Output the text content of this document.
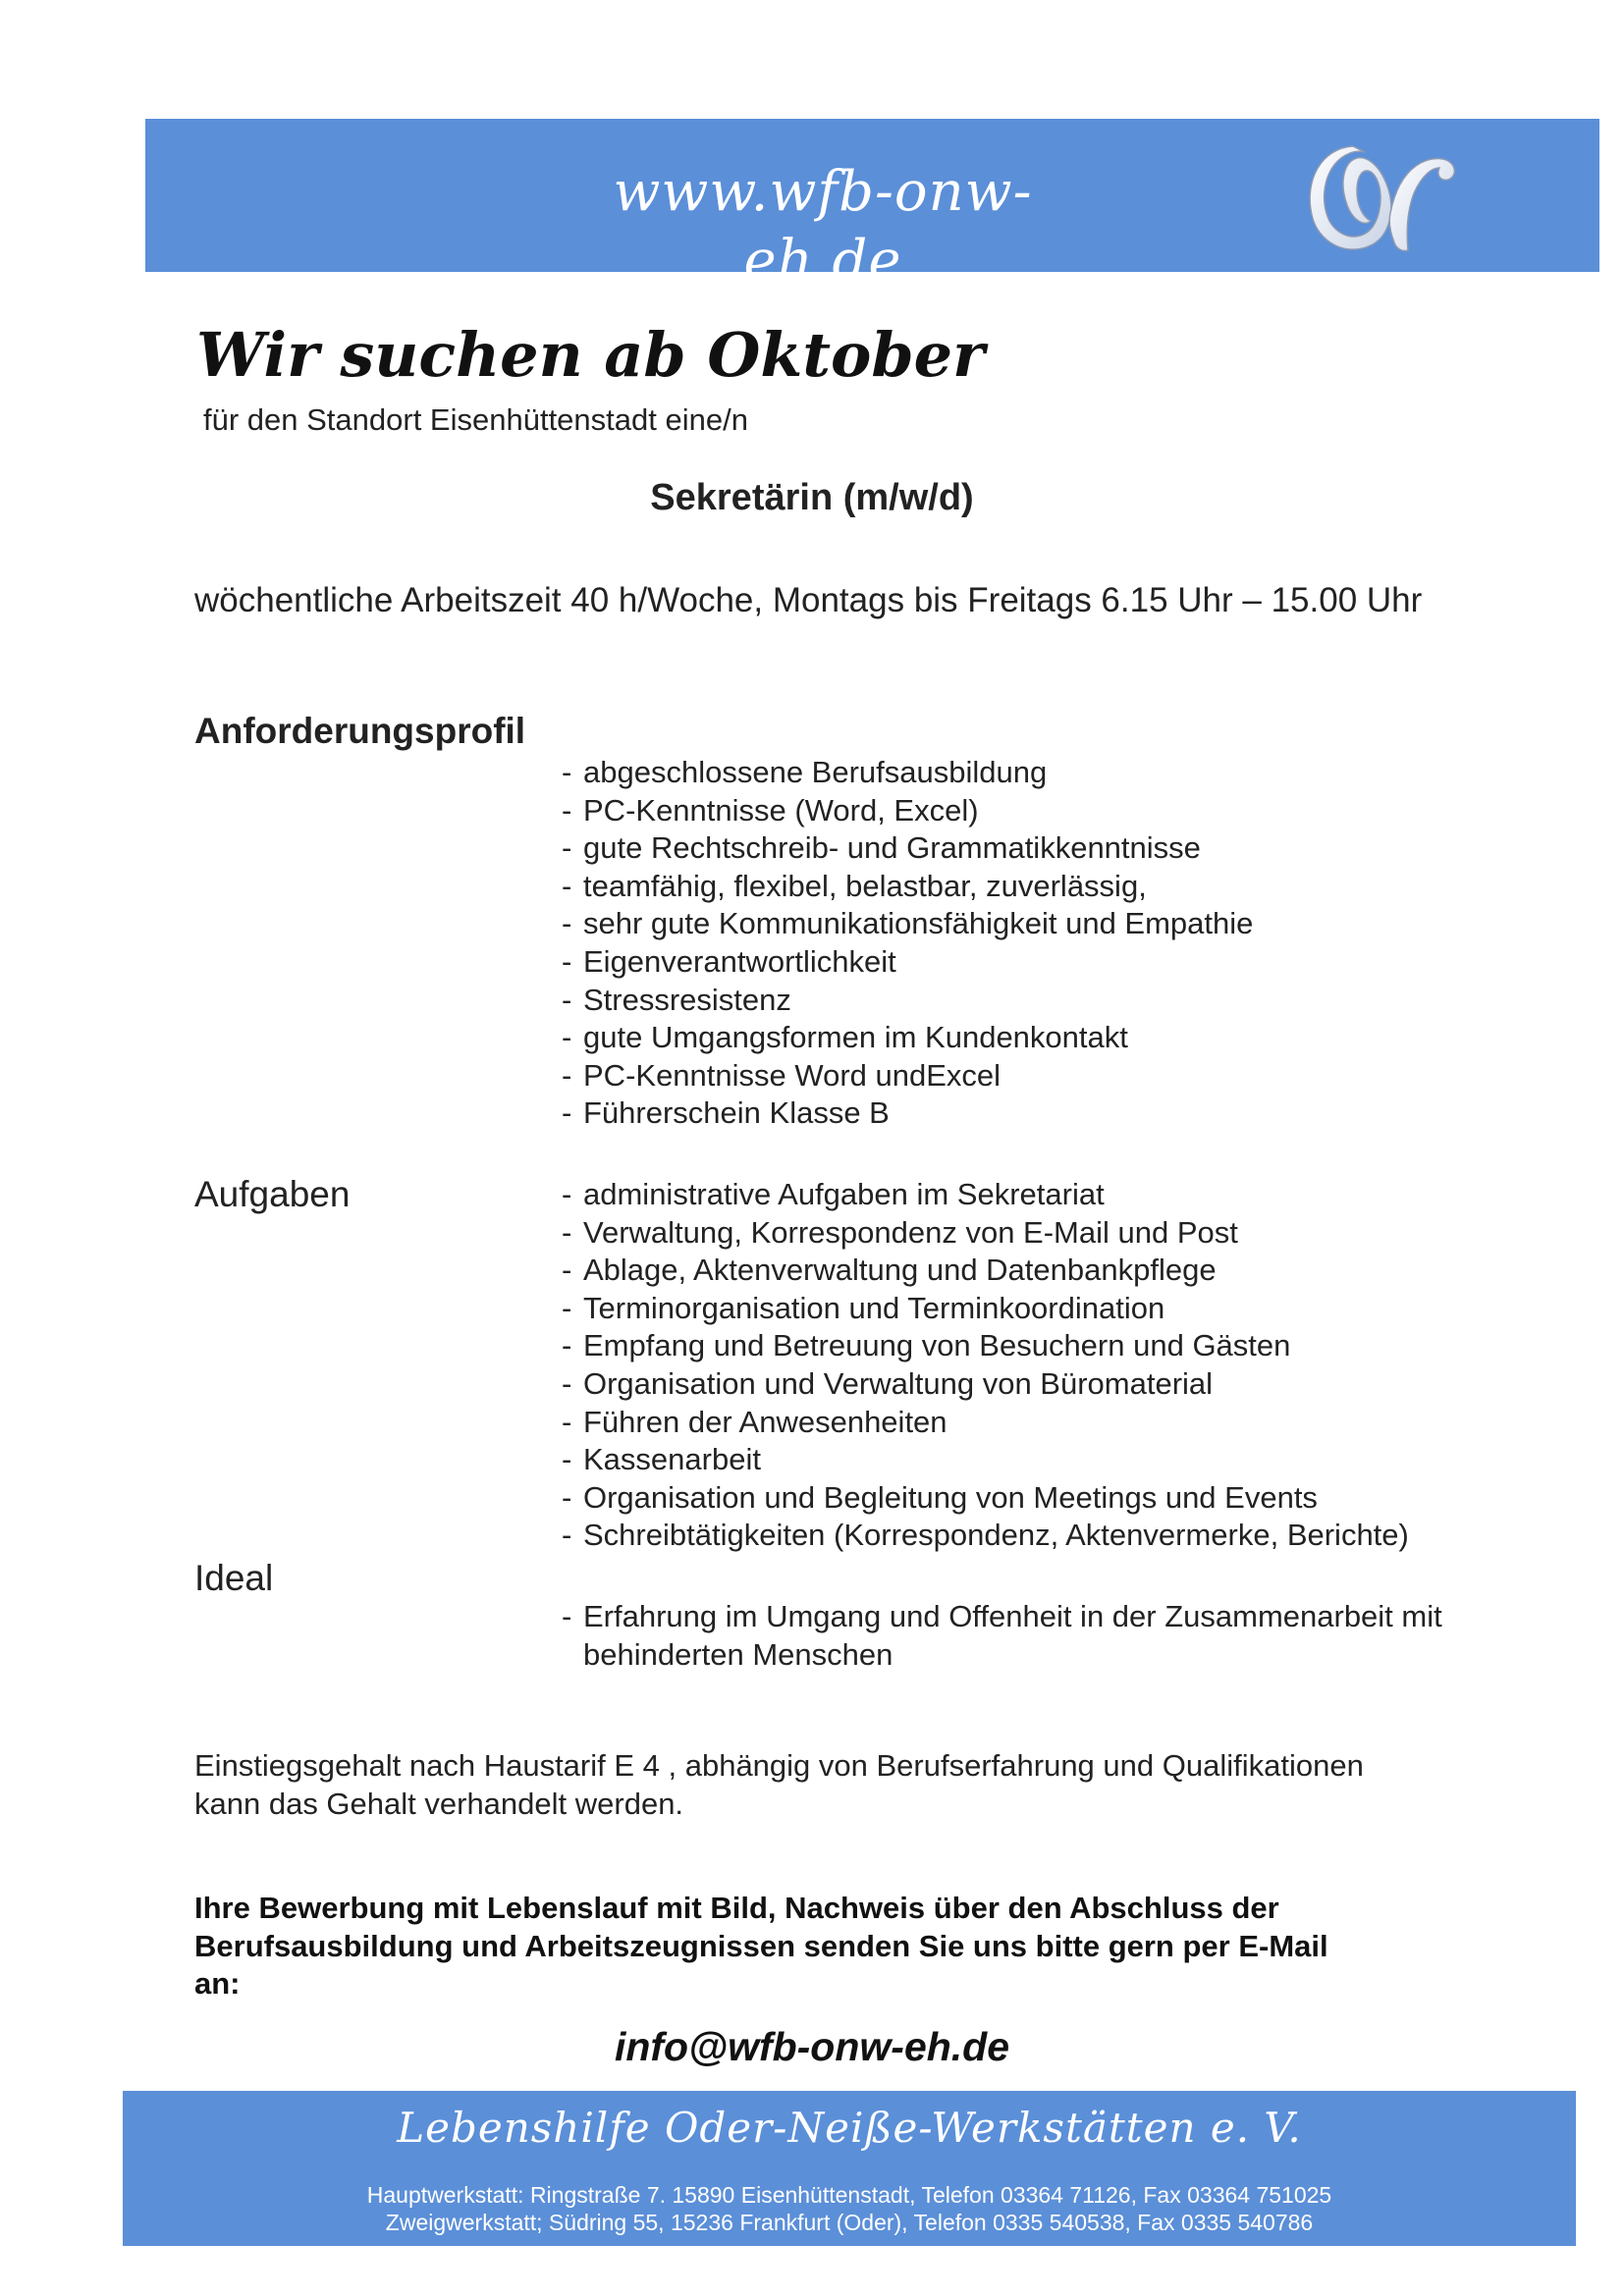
www.wfb-onw-eh.de
Wir suchen ab Oktober
für den Standort Eisenhüttenstadt eine/n
Sekretärin (m/w/d)
wöchentliche Arbeitszeit 40 h/Woche, Montags bis Freitags 6.15 Uhr – 15.00 Uhr
Anforderungsprofil
- abgeschlossene Berufsausbildung
- PC-Kenntnisse (Word, Excel)
- gute Rechtschreib- und Grammatikkenntnisse
- teamfähig, flexibel, belastbar, zuverlässig,
- sehr gute Kommunikationsfähigkeit und Empathie
- Eigenverantwortlichkeit
- Stressresistenz
- gute Umgangsformen im Kundenkontakt
- PC-Kenntnisse Word undExcel
- Führerschein Klasse B
Aufgaben	- administrative Aufgaben im Sekretariat
- Verwaltung, Korrespondenz von E-Mail und Post
- Ablage, Aktenverwaltung und Datenbankpflege
- Terminorganisation und Terminkoordination
- Empfang und Betreuung von Besuchern und Gästen
- Organisation und Verwaltung von Büromaterial
- Führen der Anwesenheiten
- Kassenarbeit
- Organisation und Begleitung von Meetings und Events
- Schreibtätigkeiten (Korrespondenz, Aktenvermerke, Berichte)
Ideal
- Erfahrung im Umgang und Offenheit in der Zusammenarbeit mit
behinderten Menschen
Einstiegsgehalt nach Haustarif E 4 , abhängig von Berufserfahrung und Qualifikationen
kann das Gehalt verhandelt werden.
Ihre Bewerbung mit Lebenslauf mit Bild, Nachweis über den Abschluss der
Berufsausbildung und Arbeitszeugnissen senden Sie uns bitte gern per E-Mail
an:
info@wfb-onw-eh.de
Lebenshilfe Oder-Neiße-Werkstätten e. V.
Hauptwerkstatt: Ringstraße 7. 15890 Eisenhüttenstadt, Telefon 03364 71126, Fax 03364 751025
Zweigwerkstatt; Südring 55, 15236 Frankfurt (Oder), Telefon 0335 540538, Fax 0335 540786
